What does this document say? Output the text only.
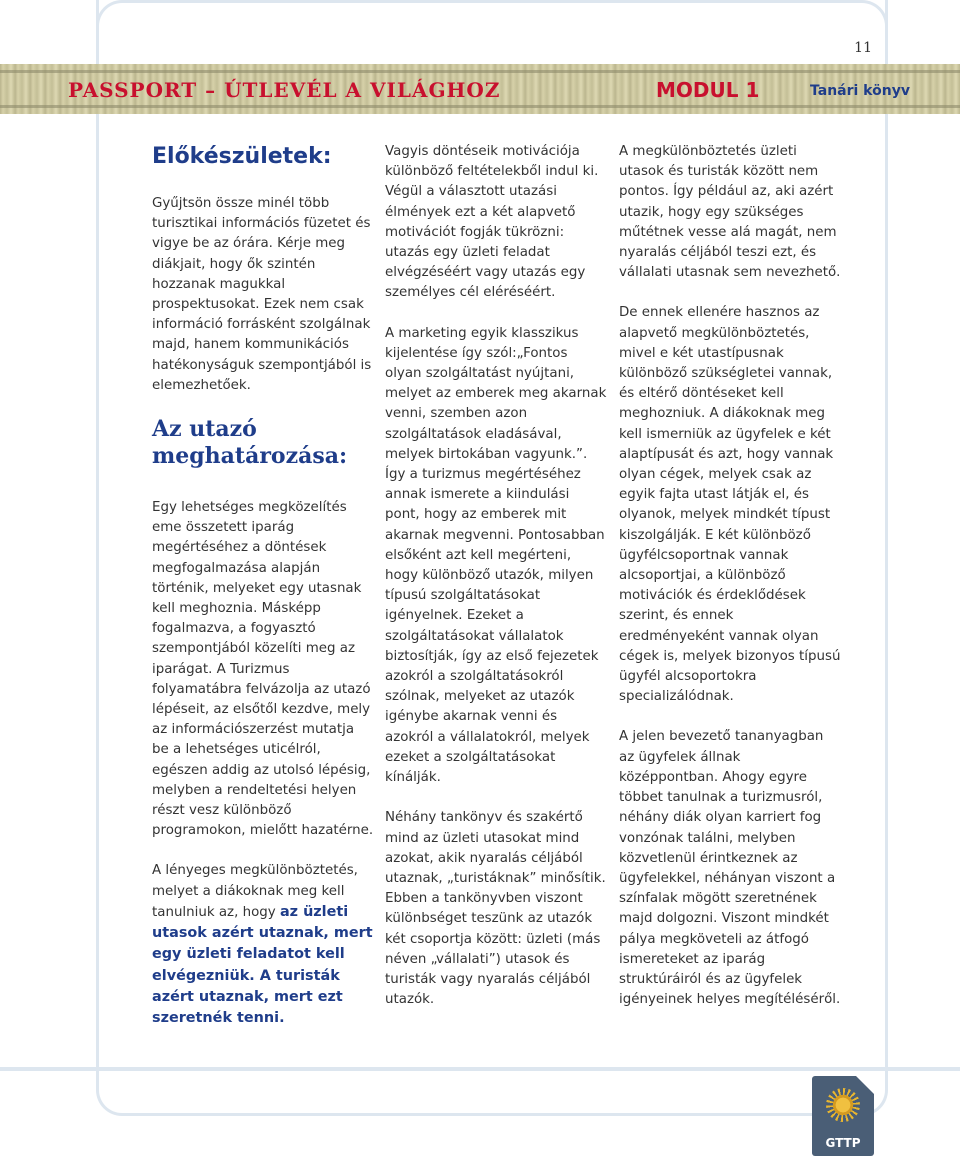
11
PASSPORT – ÚTLEVÉL A VILÁGHOZ	MODUL 1	Tanári könyv
Előkészületek:

Gyűjtsön össze minél több turisztikai információs füzetet és vigye be az órára. Kérje meg diákjait, hogy ők szintén hozzanak magukkal prospektusokat. Ezek nem csak információ forrásként szolgálnak majd, hanem kommunikációs hatékonyságuk szempontjából is elemezhetőek.

Az utazó meghatározása:

Egy lehetséges megközelítés eme összetett iparág megértéséhez a döntések megfogalmazása alapján történik, melyeket egy utasnak kell meghoznia. Másképp fogalmazva, a fogyasztó szempontjából közelíti meg az iparágat. A Turizmus folyamatábra felvázolja az utazó lépéseit, az elsőtől kezdve, mely az információszerzést mutatja be a lehetséges uticélról, egészen addig az utolsó lépésig, melyben a rendeltetési helyen részt vesz különböző programokon, mielőtt hazatérne.

A lényeges megkülönböztetés, melyet a diákoknak meg kell tanulniuk az, hogy az üzleti utasok azért utaznak, mert egy üzleti feladatot kell elvégezniük. A turisták azért utaznak, mert ezt szeretnék tenni.

Vagyis döntéseik motivációja különböző feltételekből indul ki. Végül a választott utazási élmények ezt a két alapvető motivációt fogják tükrözni: utazás egy üzleti feladat elvégzéséért vagy utazás egy személyes cél eléréséért.

A marketing egyik klasszikus kijelentése így szól:„Fontos olyan szolgáltatást nyújtani, melyet az emberek meg akarnak venni, szemben azon szolgáltatások eladásával, melyek birtokában vagyunk.”. Így a turizmus megértéséhez annak ismerete a kiindulási pont, hogy az emberek mit akarnak megvenni. Pontosabban elsőként azt kell megérteni, hogy különböző utazók, milyen típusú szolgáltatásokat igényelnek. Ezeket a szolgáltatásokat vállalatok biztosítják, így az első fejezetek azokról a szolgáltatásokról szólnak, melyeket az utazók igénybe akarnak venni és azokról a vállalatokról, melyek ezeket a szolgáltatásokat kínálják.

Néhány tankönyv és szakértő mind az üzleti utasokat mind azokat, akik nyaralás céljából utaznak, „turistáknak” minősítik. Ebben a tankönyvben viszont különbséget teszünk az utazók két csoportja között: üzleti (más néven „vállalati”) utasok és turisták vagy nyaralás céljából utazók.

A megkülönböztetés üzleti utasok és turisták között nem pontos. Így például az, aki azért utazik, hogy egy szükséges műtétnek vesse alá magát, nem nyaralás céljából teszi ezt, és vállalati utasnak sem nevezhető.

De ennek ellenére hasznos az alapvető megkülönböztetés, mivel e két utastípusnak különböző szükségletei vannak, és eltérő döntéseket kell meghozniuk. A diákoknak meg kell ismerniük az ügyfelek e két alaptípusát és azt, hogy vannak olyan cégek, melyek csak az egyik fajta utast látják el, és olyanok, melyek mindkét típust kiszolgálják. E két különböző ügyfélcsoportnak vannak alcsoportjai, a különböző motivációk és érdeklődések szerint, és ennek eredményeként vannak olyan cégek is, melyek bizonyos típusú ügyfél alcsoportokra specializálódnak.

A jelen bevezető tananyagban az ügyfelek állnak középpontban. Ahogy egyre többet tanulnak a turizmusról, néhány diák olyan karriert fog vonzónak találni, melyben közvetlenül érintkeznek az ügyfelekkel, néhányan viszont a színfalak mögött szeretnének majd dolgozni. Viszont mindkét pálya megköveteli az átfogó ismereteket az iparág struktúráiról és az ügyfelek igényeinek helyes megítéléséről.

GTTP
